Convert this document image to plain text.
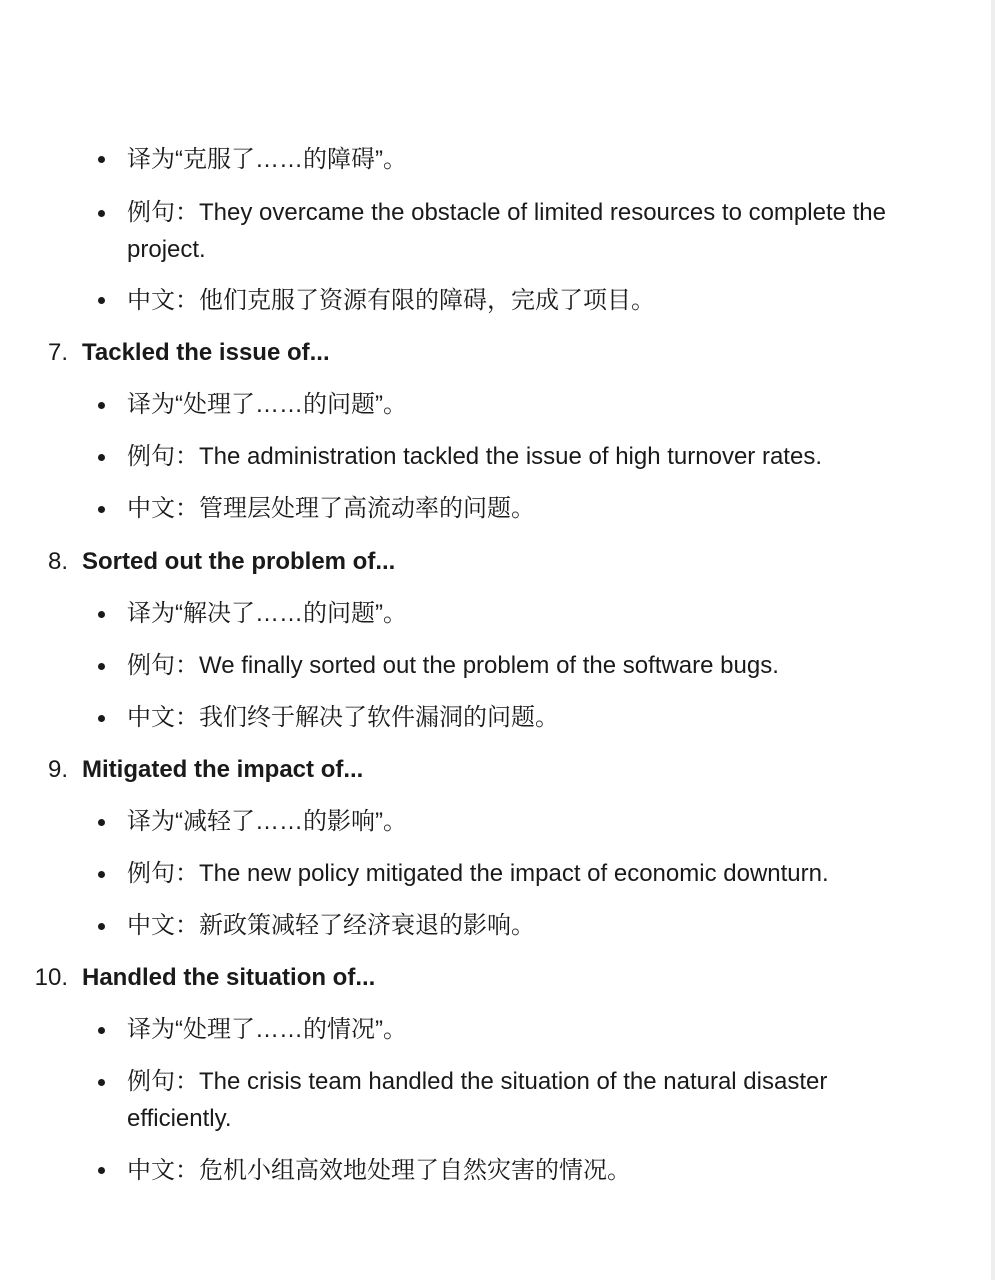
译为“克服了……的障碍”。
例句：They overcame the obstacle of limited resources to complete the
project.
中文：他们克服了资源有限的障碍，完成了项目。
7. Tackled the issue of...
译为“处理了……的问题”。
例句：The administration tackled the issue of high turnover rates.
中文：管理层处理了高流动率的问题。
8. Sorted out the problem of...
译为“解决了……的问题”。
例句：We finally sorted out the problem of the software bugs.
中文：我们终于解决了软件漏洞的问题。
9. Mitigated the impact of...
译为“减轻了……的影响”。
例句：The new policy mitigated the impact of economic downturn.
中文：新政策减轻了经济衰退的影响。
10. Handled the situation of...
译为“处理了……的情况”。
例句：The crisis team handled the situation of the natural disaster
efficiently.
中文：危机小组高效地处理了自然灾害的情况。
